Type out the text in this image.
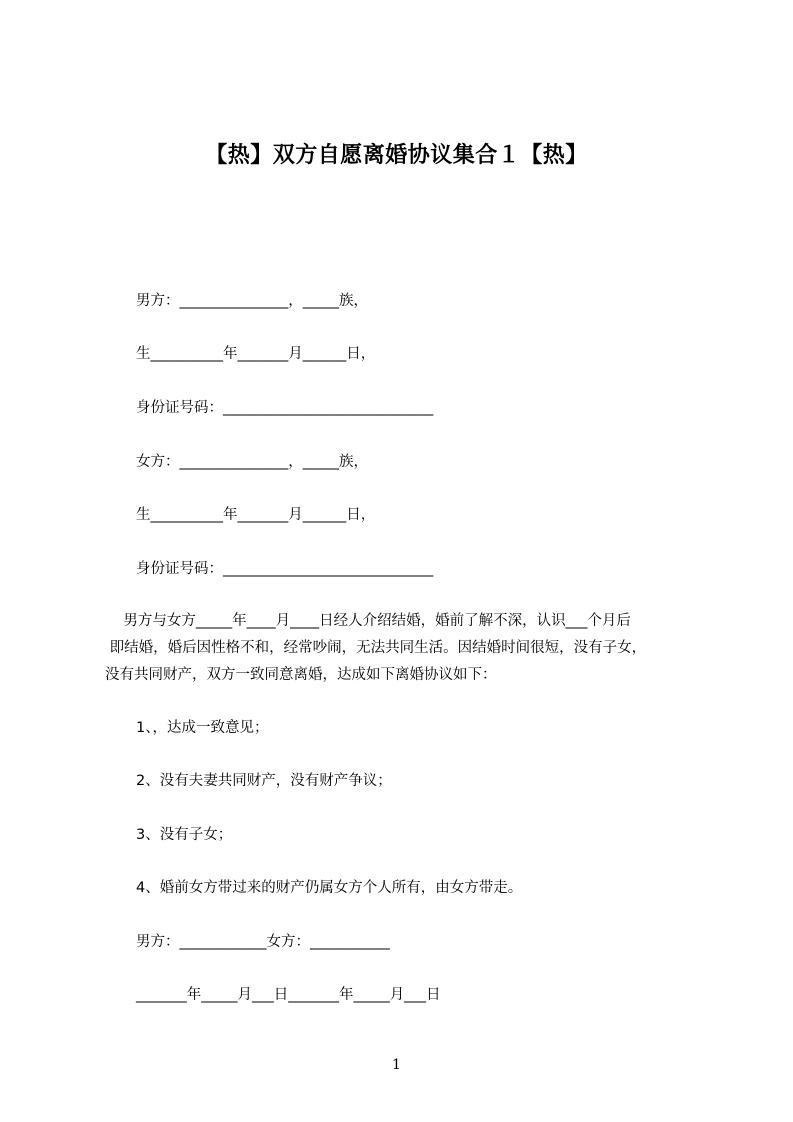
【热】双方自愿离婚协议集合１【热】
男方：_______________，_____族，
生__________年_______月______日，
身份证号码：_____________________________
女方：_______________，_____族，
生__________年_______月______日，
身份证号码：_____________________________
男方与女方_____年____月____日经人介绍结婚，婚前了解不深，认识___个月后
即结婚，婚后因性格不和，经常吵闹，无法共同生活。因结婚时间很短，没有子女，
没有共同财产，双方一致同意离婚，达成如下离婚协议如下：
1、，达成一致意见；
2、没有夫妻共同财产，没有财产争议；
3、没有子女；
4、婚前女方带过来的财产仍属女方个人所有，由女方带走。
男方：____________女方：___________
_______年_____月___日_______年_____月___日
1
